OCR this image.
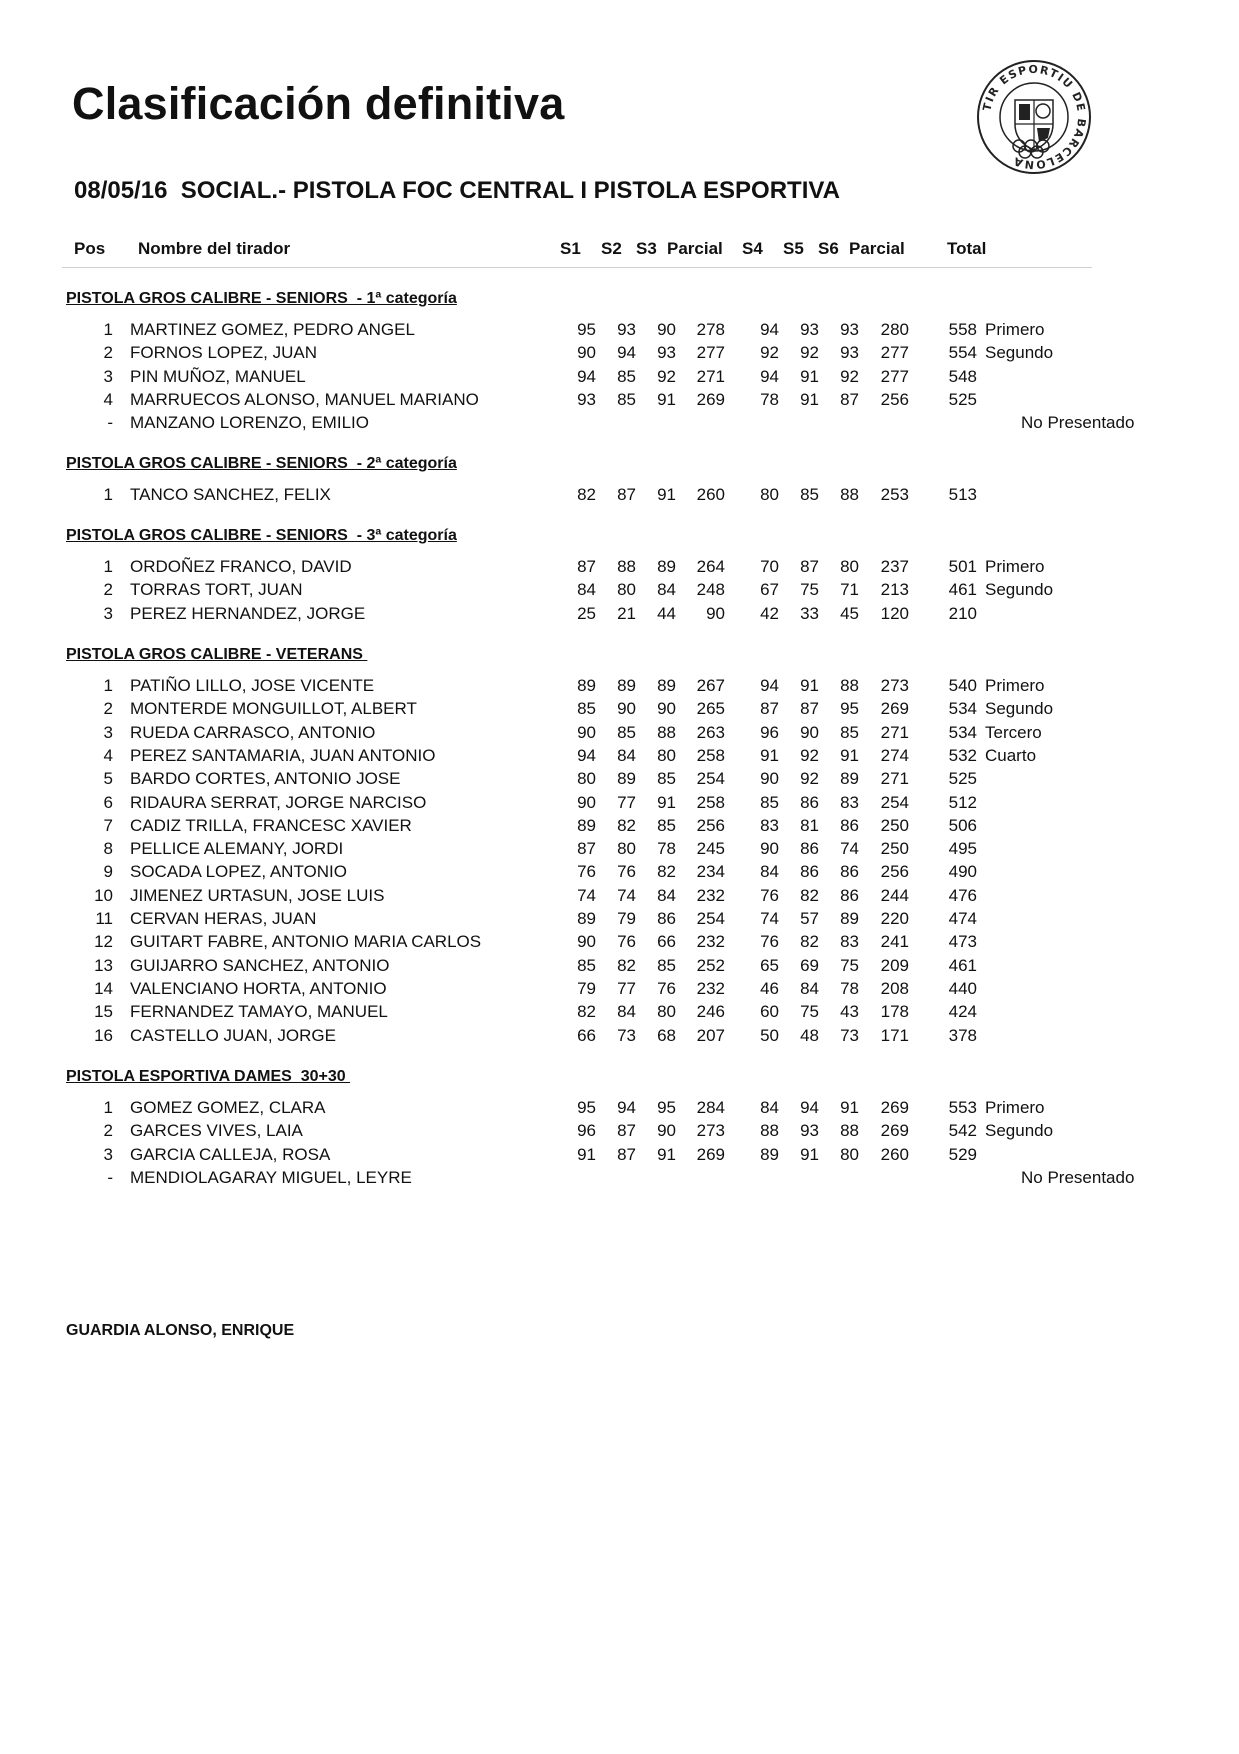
Clasificación definitiva	TIR ESPORTIU DE BARCELONA
08/05/16  SOCIAL.- PISTOLA FOC CENTRAL I PISTOLA ESPORTIVA
Pos Nombre del tirador	S1 S2 S3 Parcial S4 S5 S6 Parcial Total
PISTOLA GROS CALIBRE - SENIORS  - 1ª categoría
1 MARTINEZ GOMEZ, PEDRO ANGEL	95 93 90 278 94 93 93 280 558 Primero
2 FORNOS LOPEZ, JUAN	90 94 93 277 92 92 93 277 554 Segundo
3 PIN MUÑOZ, MANUEL	94 85 92 271 94 91 92 277 548
4 MARRUECOS ALONSO, MANUEL MARIANO	93 85 91 269 78 91 87 256 525
- MANZANO LORENZO, EMILIO	No Presentado
PISTOLA GROS CALIBRE - SENIORS  - 2ª categoría
1 TANCO SANCHEZ, FELIX	82 87 91 260 80 85 88 253 513
PISTOLA GROS CALIBRE - SENIORS  - 3ª categoría
1 ORDOÑEZ FRANCO, DAVID	87 88 89 264 70 87 80 237 501 Primero
2 TORRAS TORT, JUAN	84 80 84 248 67 75 71 213 461 Segundo
3 PEREZ HERNANDEZ, JORGE	25 21 44 90 42 33 45 120 210
PISTOLA GROS CALIBRE - VETERANS
1 PATIÑO LILLO, JOSE VICENTE	89 89 89 267 94 91 88 273 540 Primero
2 MONTERDE MONGUILLOT, ALBERT	85 90 90 265 87 87 95 269 534 Segundo
3 RUEDA CARRASCO, ANTONIO	90 85 88 263 96 90 85 271 534 Tercero
4 PEREZ SANTAMARIA, JUAN ANTONIO	94 84 80 258 91 92 91 274 532 Cuarto
5 BARDO CORTES, ANTONIO JOSE	80 89 85 254 90 92 89 271 525
6 RIDAURA SERRAT, JORGE NARCISO	90 77 91 258 85 86 83 254 512
7 CADIZ TRILLA, FRANCESC XAVIER	89 82 85 256 83 81 86 250 506
8 PELLICE ALEMANY, JORDI	87 80 78 245 90 86 74 250 495
9 SOCADA LOPEZ, ANTONIO	76 76 82 234 84 86 86 256 490
10 JIMENEZ URTASUN, JOSE LUIS	74 74 84 232 76 82 86 244 476
11 CERVAN HERAS, JUAN	89 79 86 254 74 57 89 220 474
12 GUITART FABRE, ANTONIO MARIA CARLOS	90 76 66 232 76 82 83 241 473
13 GUIJARRO SANCHEZ, ANTONIO	85 82 85 252 65 69 75 209 461
14 VALENCIANO HORTA, ANTONIO	79 77 76 232 46 84 78 208 440
15 FERNANDEZ TAMAYO, MANUEL	82 84 80 246 60 75 43 178 424
16 CASTELLO JUAN, JORGE	66 73 68 207 50 48 73 171 378
PISTOLA ESPORTIVA DAMES  30+30
1 GOMEZ GOMEZ, CLARA	95 94 95 284 84 94 91 269 553 Primero
2 GARCES VIVES, LAIA	96 87 90 273 88 93 88 269 542 Segundo
3 GARCIA CALLEJA, ROSA	91 87 91 269 89 91 80 260 529
- MENDIOLAGARAY MIGUEL, LEYRE	No Presentado
GUARDIA ALONSO, ENRIQUE
